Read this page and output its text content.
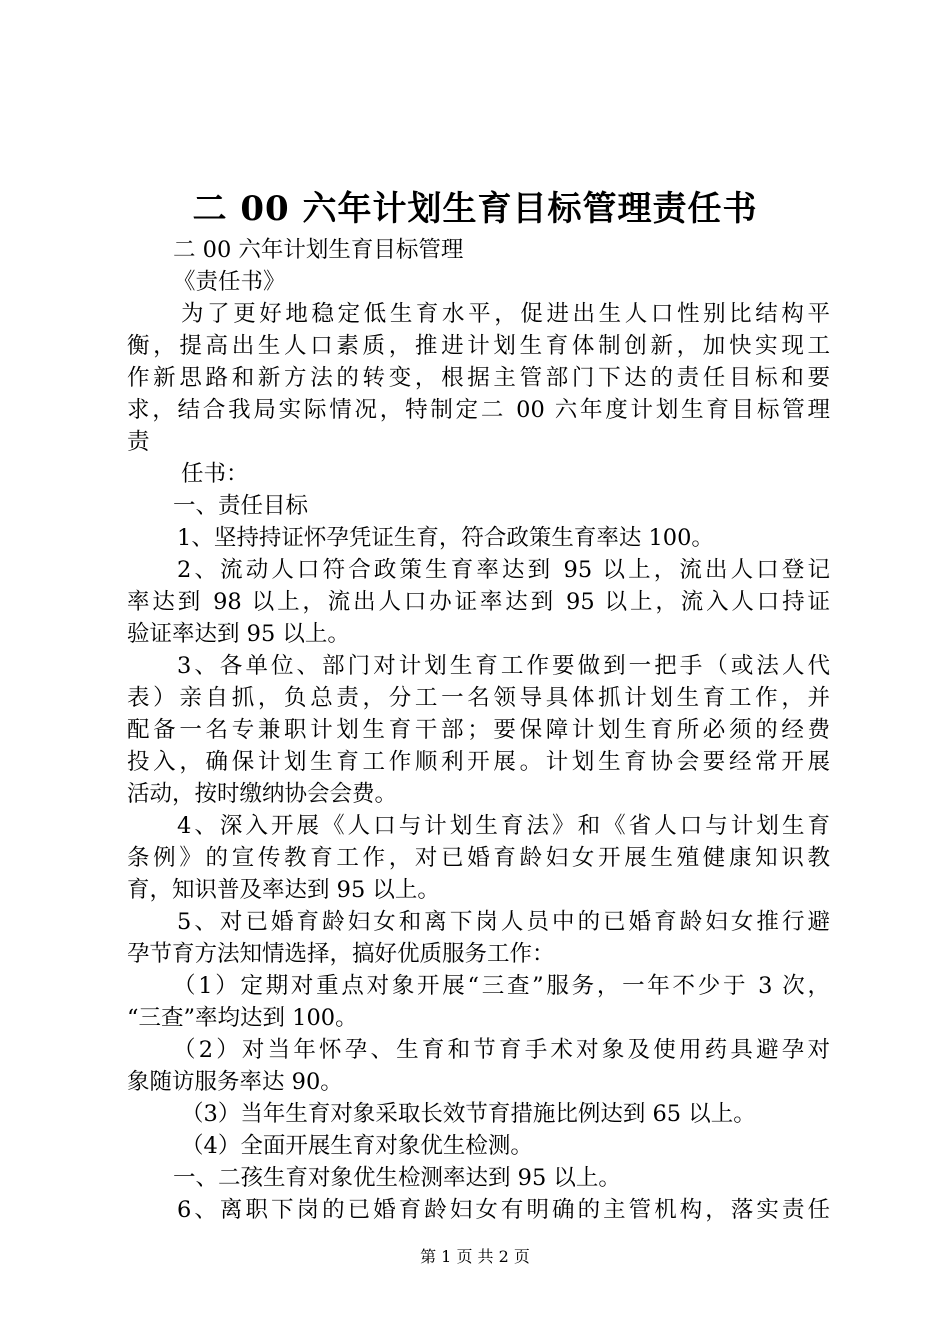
二 00 六年计划生育目标管理责任书
二 00 六年计划生育目标管理
《责任书》
为了更好地稳定低生育水平，促进出生人口性别比结构平
衡，提高出生人口素质，推进计划生育体制创新，加快实现工
作新思路和新方法的转变，根据主管部门下达的责任目标和要
求，结合我局实际情况，特制定二 00 六年度计划生育目标管理
责
任书：
一、责任目标
1、坚持持证怀孕凭证生育，符合政策生育率达 100。
2、流动人口符合政策生育率达到 95 以上，流出人口登记
率达到 98 以上，流出人口办证率达到 95 以上，流入人口持证
验证率达到 95 以上。
3、各单位、部门对计划生育工作要做到一把手（或法人代
表）亲自抓，负总责，分工一名领导具体抓计划生育工作，并
配备一名专兼职计划生育干部；要保障计划生育所必须的经费
投入，确保计划生育工作顺利开展。计划生育协会要经常开展
活动，按时缴纳协会会费。
4、深入开展《人口与计划生育法》和《省人口与计划生育
条例》的宣传教育工作，对已婚育龄妇女开展生殖健康知识教
育，知识普及率达到 95 以上。
5、对已婚育龄妇女和离下岗人员中的已婚育龄妇女推行避
孕节育方法知情选择，搞好优质服务工作：
（1）定期对重点对象开展“三查”服务，一年不少于 3 次，
“三查”率均达到 100。
（2）对当年怀孕、生育和节育手术对象及使用药具避孕对
象随访服务率达 90。
（3）当年生育对象采取长效节育措施比例达到 65 以上。
（4）全面开展生育对象优生检测。
一、二孩生育对象优生检测率达到 95 以上。
6、离职下岗的已婚育龄妇女有明确的主管机构，落实责任
第 1 页 共 2 页
